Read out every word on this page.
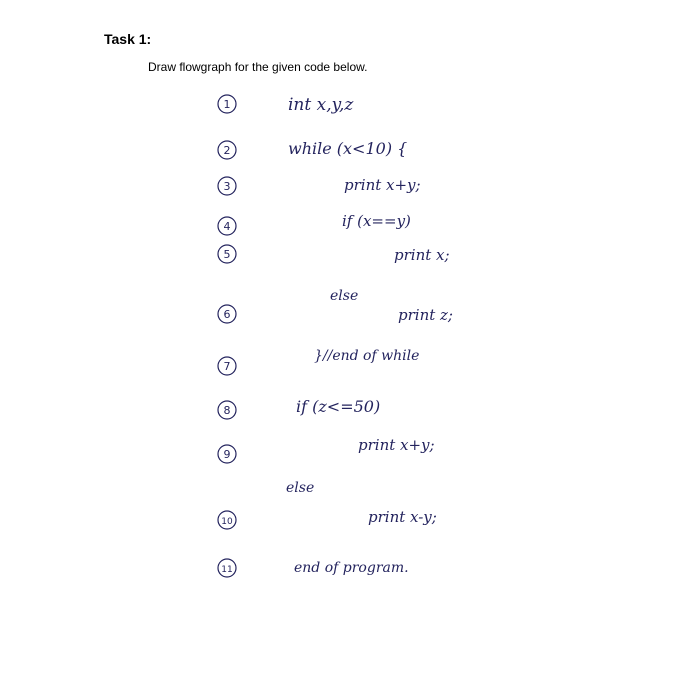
Task 1:
Draw flowgraph for the given code below.
1
2
3
4
5
6
7
8
9
10
11
int x,y,z
while (x<10) {
print x+y;
if (x==y)
print x;
else
print z;
}//end of while
if (z<=50)
print x+y;
else
print x-y;
end of program.
